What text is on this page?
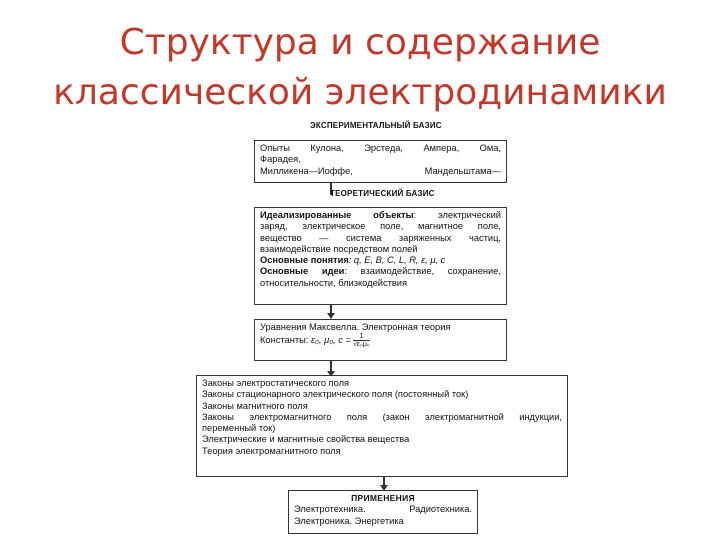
Структура и содержание
классической электродинамики
ЭКСПЕРИМЕНТАЛЬНЫЙ БАЗИС
Опыты Кулона, Эрстеда, Ампера, Ома,
Фарадея,
Милликена—Иоффе, Мандельштама—
ТЕОРЕТИЧЕСКИЙ БАЗИС
Идеализированные объекты: электрический
заряд, электрическое поле, магнитное поле,
вещество — система заряженных частиц,
взаимодействие посредством полей
Основные понятия: q, E, B, C, L, R, ε, μ, c
Основные идеи: взаимодействие, сохранение,
относительности, близкодействия
Уравнения Максвелла. Электронная теория
Константы: ε₀, μ₀, $c = \frac{1}{\text{√ε₀μ₀}}$
Законы электростатического поля
Законы стационарного электрического поля (постоянный ток)
Законы магнитного поля
Законы электромагнитного поля (закон электромагнитной индукции,
переменный ток)
Электрические и магнитные свойства вещества
Теория электромагнитного поля
ПРИМЕНЕНИЯ
Электротехника. Радиотехника.
Электроника. Энергетика
